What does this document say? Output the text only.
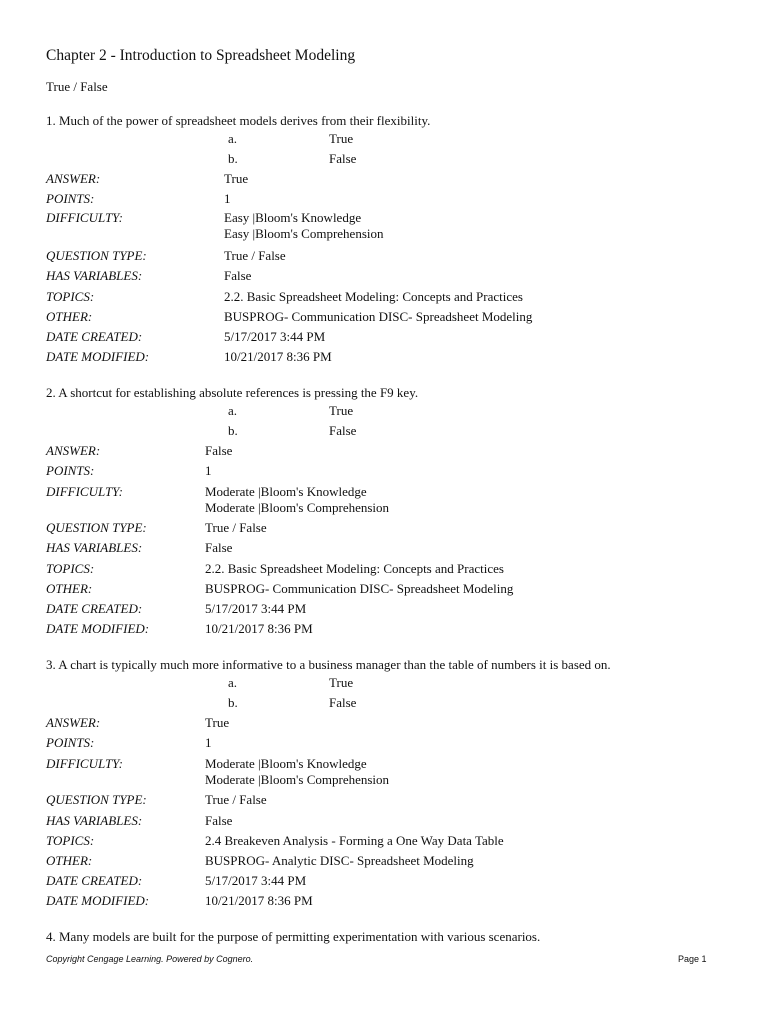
Chapter 2 - Introduction to Spreadsheet Modeling
True / False
1. Much of the power of spreadsheet models derives from their flexibility.
a.	True
b.	False
ANSWER:	True
POINTS:	1
DIFFICULTY:	Easy |Bloom's Knowledge
Easy |Bloom's Comprehension
QUESTION TYPE:	True / False
HAS VARIABLES:	False
TOPICS:	2.2. Basic Spreadsheet Modeling: Concepts and Practices
OTHER:	BUSPROG- Communication DISC- Spreadsheet Modeling
DATE CREATED:	5/17/2017 3:44 PM
DATE MODIFIED:	10/21/2017 8:36 PM
2. A shortcut for establishing absolute references is pressing the F9 key.
a.	True
b.	False
ANSWER:	False
POINTS:	1
DIFFICULTY:	Moderate |Bloom's Knowledge
Moderate |Bloom's Comprehension
QUESTION TYPE:	True / False
HAS VARIABLES:	False
TOPICS:	2.2. Basic Spreadsheet Modeling: Concepts and Practices
OTHER:	BUSPROG- Communication DISC- Spreadsheet Modeling
DATE CREATED:	5/17/2017 3:44 PM
DATE MODIFIED:	10/21/2017 8:36 PM
3. A chart is typically much more informative to a business manager than the table of numbers it is based on.
a.	True
b.	False
ANSWER:	True
POINTS:	1
DIFFICULTY:	Moderate |Bloom's Knowledge
Moderate |Bloom's Comprehension
QUESTION TYPE:	True / False
HAS VARIABLES:	False
TOPICS:	2.4 Breakeven Analysis - Forming a One Way Data Table
OTHER:	BUSPROG- Analytic DISC- Spreadsheet Modeling
DATE CREATED:	5/17/2017 3:44 PM
DATE MODIFIED:	10/21/2017 8:36 PM
4. Many models are built for the purpose of permitting experimentation with various scenarios.
Copyright Cengage Learning. Powered by Cognero.	Page 1
